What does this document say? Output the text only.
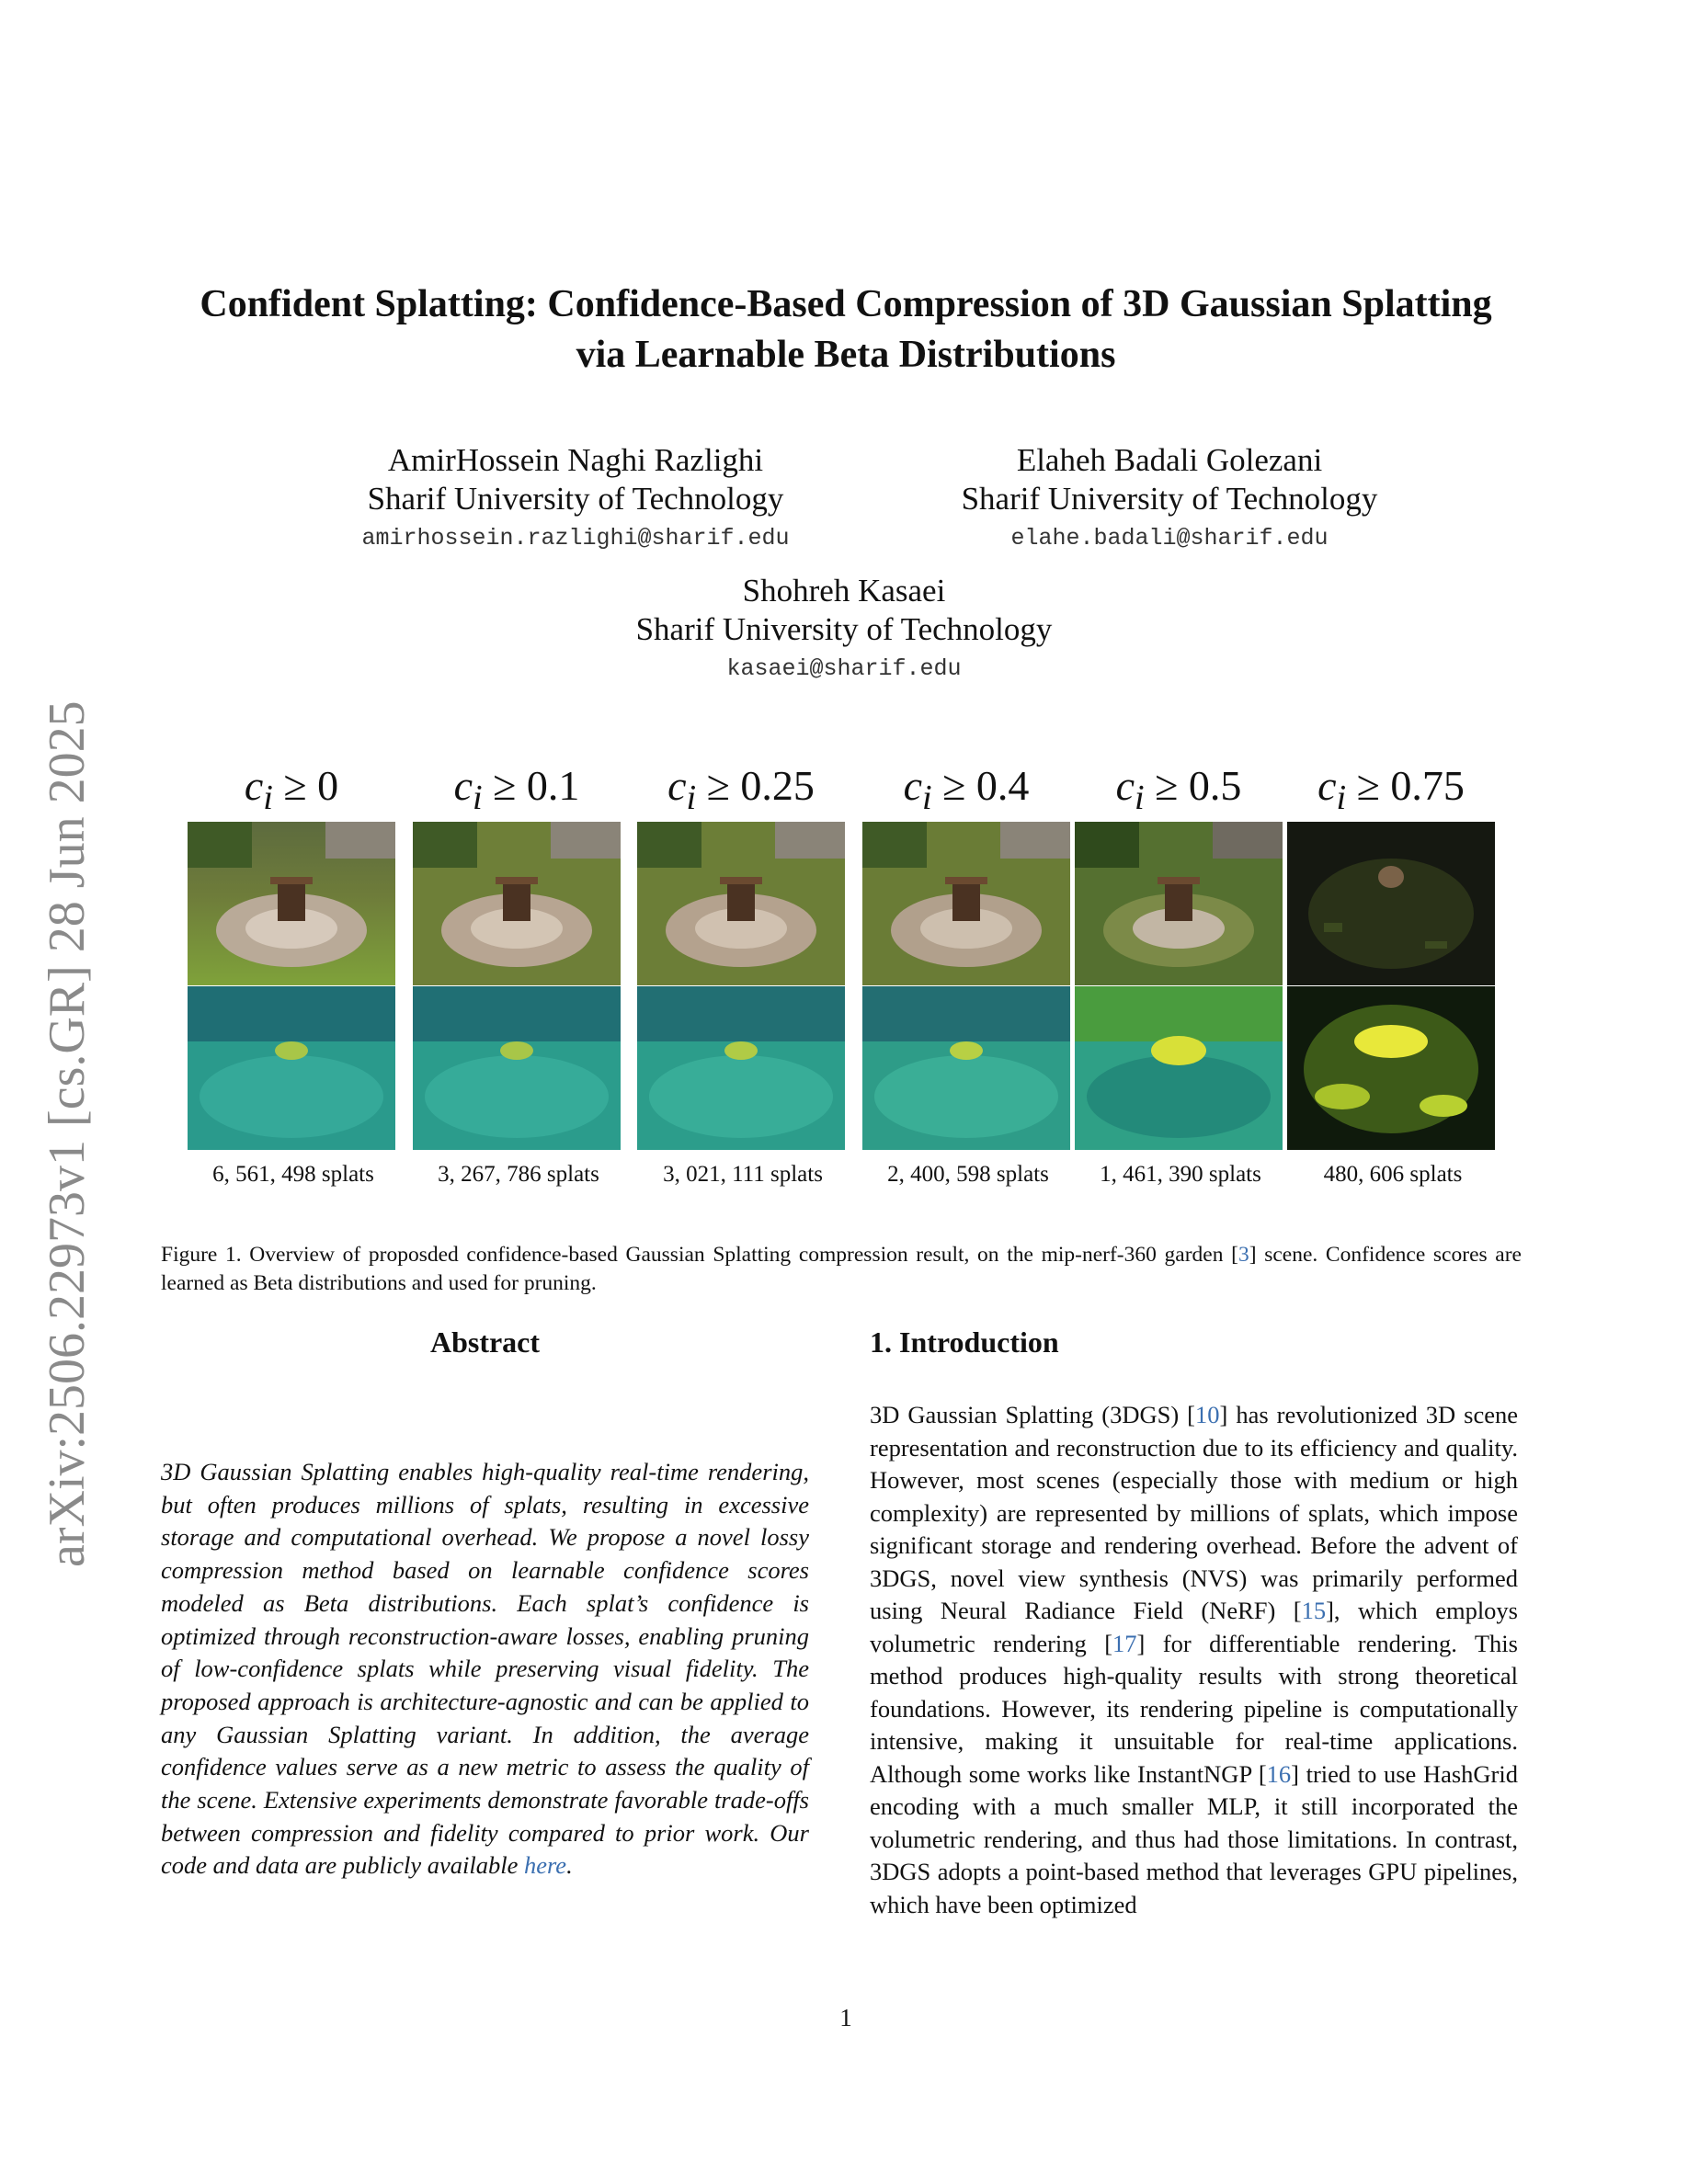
arXiv:2506.22973v1 [cs.GR] 28 Jun 2025
Confident Splatting: Confidence-Based Compression of 3D Gaussian Splatting
via Learnable Beta Distributions
AmirHossein Naghi Razlighi
Sharif University of Technology
amirhossein.razlighi@sharif.edu
Elaheh Badali Golezani
Sharif University of Technology
elahe.badali@sharif.edu
Shohreh Kasaei
Sharif University of Technology
kasaei@sharif.edu
$c_i \ge 0$
6, 561, 498 splats
$c_i \ge 0.1$
3, 267, 786 splats
$c_i \ge 0.25$
3, 021, 111 splats
$c_i \ge 0.4$
2, 400, 598 splats
$c_i \ge 0.5$
1, 461, 390 splats
$c_i \ge 0.75$
480, 606 splats
Figure 1. Overview of proposded confidence-based Gaussian Splatting compression result, on the mip-nerf-360 garden [3] scene. Confidence scores are learned as Beta distributions and used for pruning.
Abstract
3D Gaussian Splatting enables high-quality real-time rendering, but often produces millions of splats, resulting in excessive storage and computational overhead. We propose a novel lossy compression method based on learnable confidence scores modeled as Beta distributions. Each splat’s confidence is optimized through reconstruction-aware losses, enabling pruning of low-confidence splats while preserving visual fidelity. The proposed approach is architecture-agnostic and can be applied to any Gaussian Splatting variant. In addition, the average confidence values serve as a new metric to assess the quality of the scene. Extensive experiments demonstrate favorable trade-offs between compression and fidelity compared to prior work. Our code and data are publicly available here.
1. Introduction
3D Gaussian Splatting (3DGS) [10] has revolutionized 3D scene representation and reconstruction due to its efficiency and quality. However, most scenes (especially those with medium or high complexity) are represented by millions of splats, which impose significant storage and rendering overhead. Before the advent of 3DGS, novel view synthesis (NVS) was primarily performed using Neural Radiance Field (NeRF) [15], which employs volumetric rendering [17] for differentiable rendering. This method produces high-quality results with strong theoretical foundations. However, its rendering pipeline is computationally intensive, making it unsuitable for real-time applications. Although some works like InstantNGP [16] tried to use HashGrid encoding with a much smaller MLP, it still incorporated the volumetric rendering, and thus had those limitations. In contrast, 3DGS adopts a point-based method that leverages GPU pipelines, which have been optimized
1
